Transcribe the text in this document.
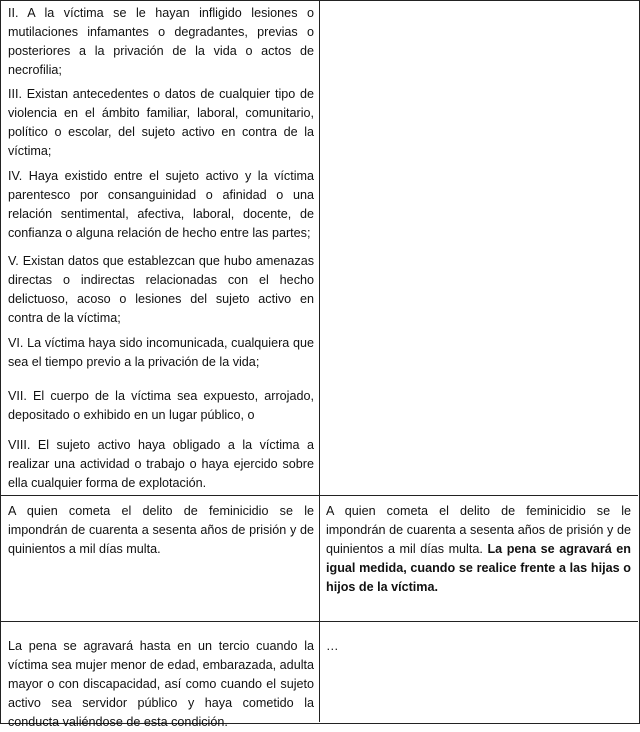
II. A la víctima se le hayan infligido lesiones o mutilaciones infamantes o degradantes, previas o posteriores a la privación de la vida o actos de necrofilia;

III. Existan antecedentes o datos de cualquier tipo de violencia en el ámbito familiar, laboral, comunitario, político o escolar, del sujeto activo en contra de la víctima;

IV. Haya existido entre el sujeto activo y la víctima parentesco por consanguinidad o afinidad o una relación sentimental, afectiva, laboral, docente, de confianza o alguna relación de hecho entre las partes;

V. Existan datos que establezcan que hubo amenazas directas o indirectas relacionadas con el hecho delictuoso, acoso o lesiones del sujeto activo en contra de la víctima;

VI. La víctima haya sido incomunicada, cualquiera que sea el tiempo previo a la privación de la vida;

VII. El cuerpo de la víctima sea expuesto, arrojado, depositado o exhibido en un lugar público, o

VIII. El sujeto activo haya obligado a la víctima a realizar una actividad o trabajo o haya ejercido sobre ella cualquier forma de explotación.

A quien cometa el delito de feminicidio se le impondrán de cuarenta a sesenta años de prisión y de quinientos a mil días multa.

La pena se agravará hasta en un tercio cuando la víctima sea mujer menor de edad, embarazada, adulta mayor o con discapacidad, así como cuando el sujeto activo sea servidor público y haya cometido la conducta valiéndose de esta condición.

A quien cometa el delito de feminicidio se le impondrán de cuarenta a sesenta años de prisión y de quinientos a mil días multa. La pena se agravará en igual medida, cuando se realice frente a las hijas o hijos de la víctima.

…
